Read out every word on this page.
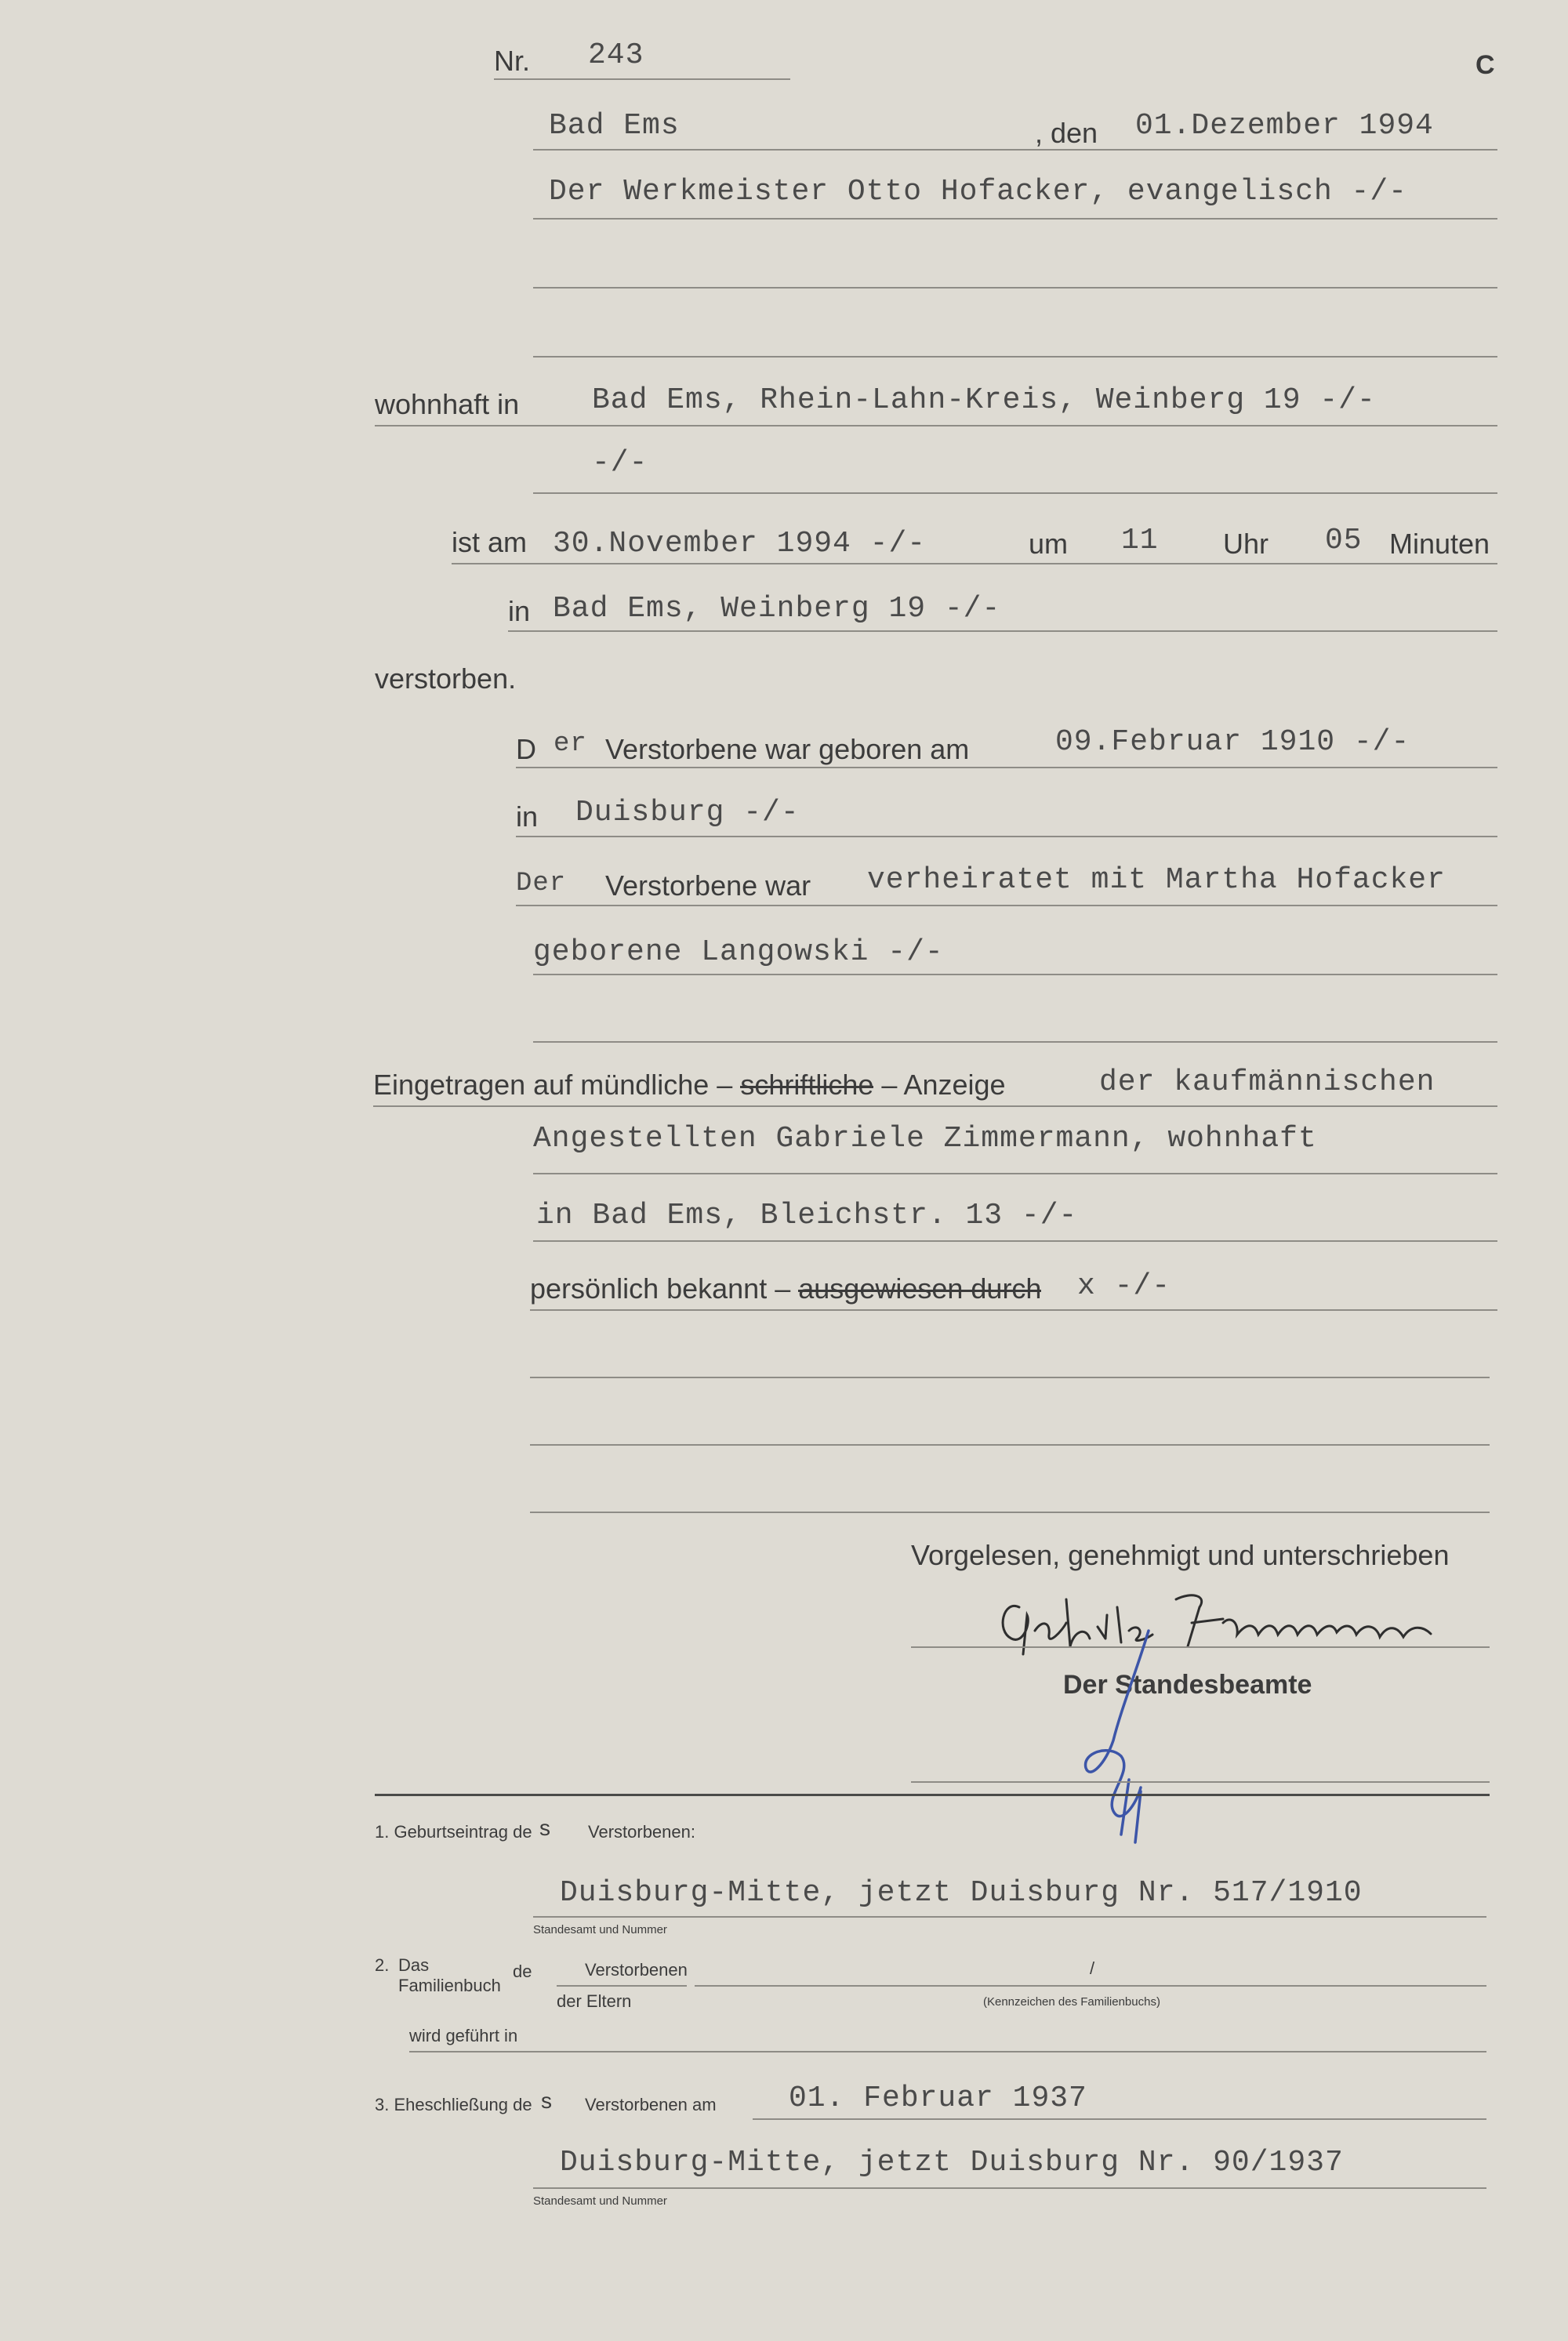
Nr. 243	C
Bad Ems	, den 01.Dezember 1994
Der Werkmeister Otto Hofacker, evangelisch -/-
wohnhaft in Bad Ems, Rhein-Lahn-Kreis, Weinberg 19 -/-
-/-
ist am 30.November 1994 -/-	um 11 Uhr 05 Minuten
in Bad Ems, Weinberg 19 -/-
verstorben.
D er Verstorbene war geboren am	09.Februar 1910 -/-
in Duisburg -/-
Der Verstorbene war verheiratet mit Martha Hofacker
geborene Langowski -/-
Eingetragen auf mündliche – schriftliche – Anzeige	der kaufmännischen
Angestellten Gabriele Zimmermann, wohnhaft
in Bad Ems, Bleichstr. 13 -/-
persönlich bekannt – ausgewiesen durch x -/-
Vorgelesen, genehmigt und unterschrieben
Der Standesbeamte
1. Geburtseintrag de s Verstorbenen:
Duisburg-Mitte, jetzt Duisburg Nr. 517/1910
Standesamt und Nummer
2. Das
Familienbuch
de	Verstorbenen
der Eltern
/
(Kennzeichen des Familienbuchs)
wird geführt in
3. Eheschließung de s Verstorbenen am 01. Februar 1937
Duisburg-Mitte, jetzt Duisburg Nr. 90/1937
Standesamt und Nummer
